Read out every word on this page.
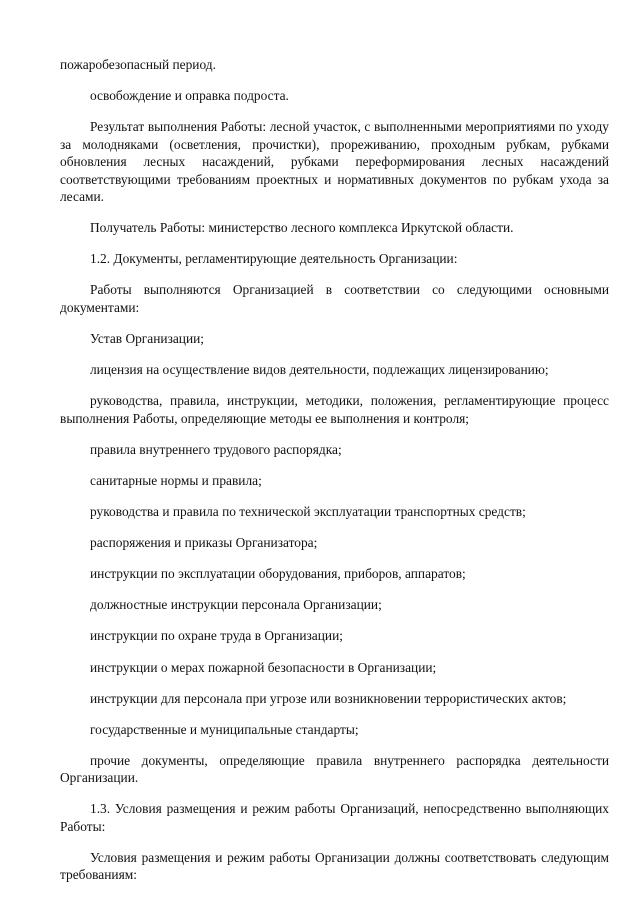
пожаробезопасный период.

освобождение и оправка подроста.

Результат выполнения Работы: лесной участок, с выполненными мероприятиями по уходу за молодняками (осветления, прочистки), прореживанию, проходным рубкам, рубками обновления лесных насаждений, рубками переформирования лесных насаждений соответствующими требованиям проектных и нормативных документов по рубкам ухода за лесами.

Получатель Работы: министерство лесного комплекса Иркутской области.

1.2. Документы, регламентирующие деятельность Организации:

Работы выполняются Организацией в соответствии со следующими основными документами:

Устав Организации;

лицензия на осуществление видов деятельности, подлежащих лицензированию;

руководства, правила, инструкции, методики, положения, регламентирующие процесс выполнения Работы, определяющие методы ее выполнения и контроля;

правила внутреннего трудового распорядка;

санитарные нормы и правила;

руководства и правила по технической эксплуатации транспортных средств;

распоряжения и приказы Организатора;

инструкции по эксплуатации оборудования, приборов, аппаратов;

должностные инструкции персонала Организации;

инструкции по охране труда в Организации;

инструкции о мерах пожарной безопасности в Организации;

инструкции для персонала при угрозе или возникновении террористических актов;

государственные и муниципальные стандарты;

прочие документы, определяющие правила внутреннего распорядка деятельности Организации.

1.3. Условия размещения и режим работы Организаций, непосредственно выполняющих Работы:

Условия размещения и режим работы Организации должны соответствовать следующим требованиям:
